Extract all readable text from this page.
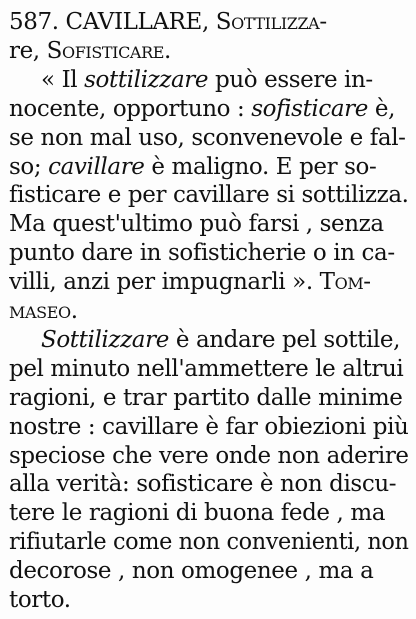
587. CAVILLARE, Sottilizza-
re, Sofisticare.
« Il sottilizzare può essere in-
nocente, opportuno : sofisticare è,
se non mal uso, sconvenevole e fal-
so; cavillare è maligno. E per so-
fisticare e per cavillare si sottilizza.
Ma quest'ultimo può farsi , senza
punto dare in sofisticherie o in ca-
villi, anzi per impugnarli ». Tom-
maseo.
Sottilizzare è andare pel sottile,
pel minuto nell'ammettere le altrui
ragioni, e trar partito dalle minime
nostre : cavillare è far obiezioni più
speciose che vere onde non aderire
alla verità: sofisticare è non discu-
tere le ragioni di buona fede , ma
rifiutarle come non convenienti, non
decorose , non omogenee , ma a
torto.
